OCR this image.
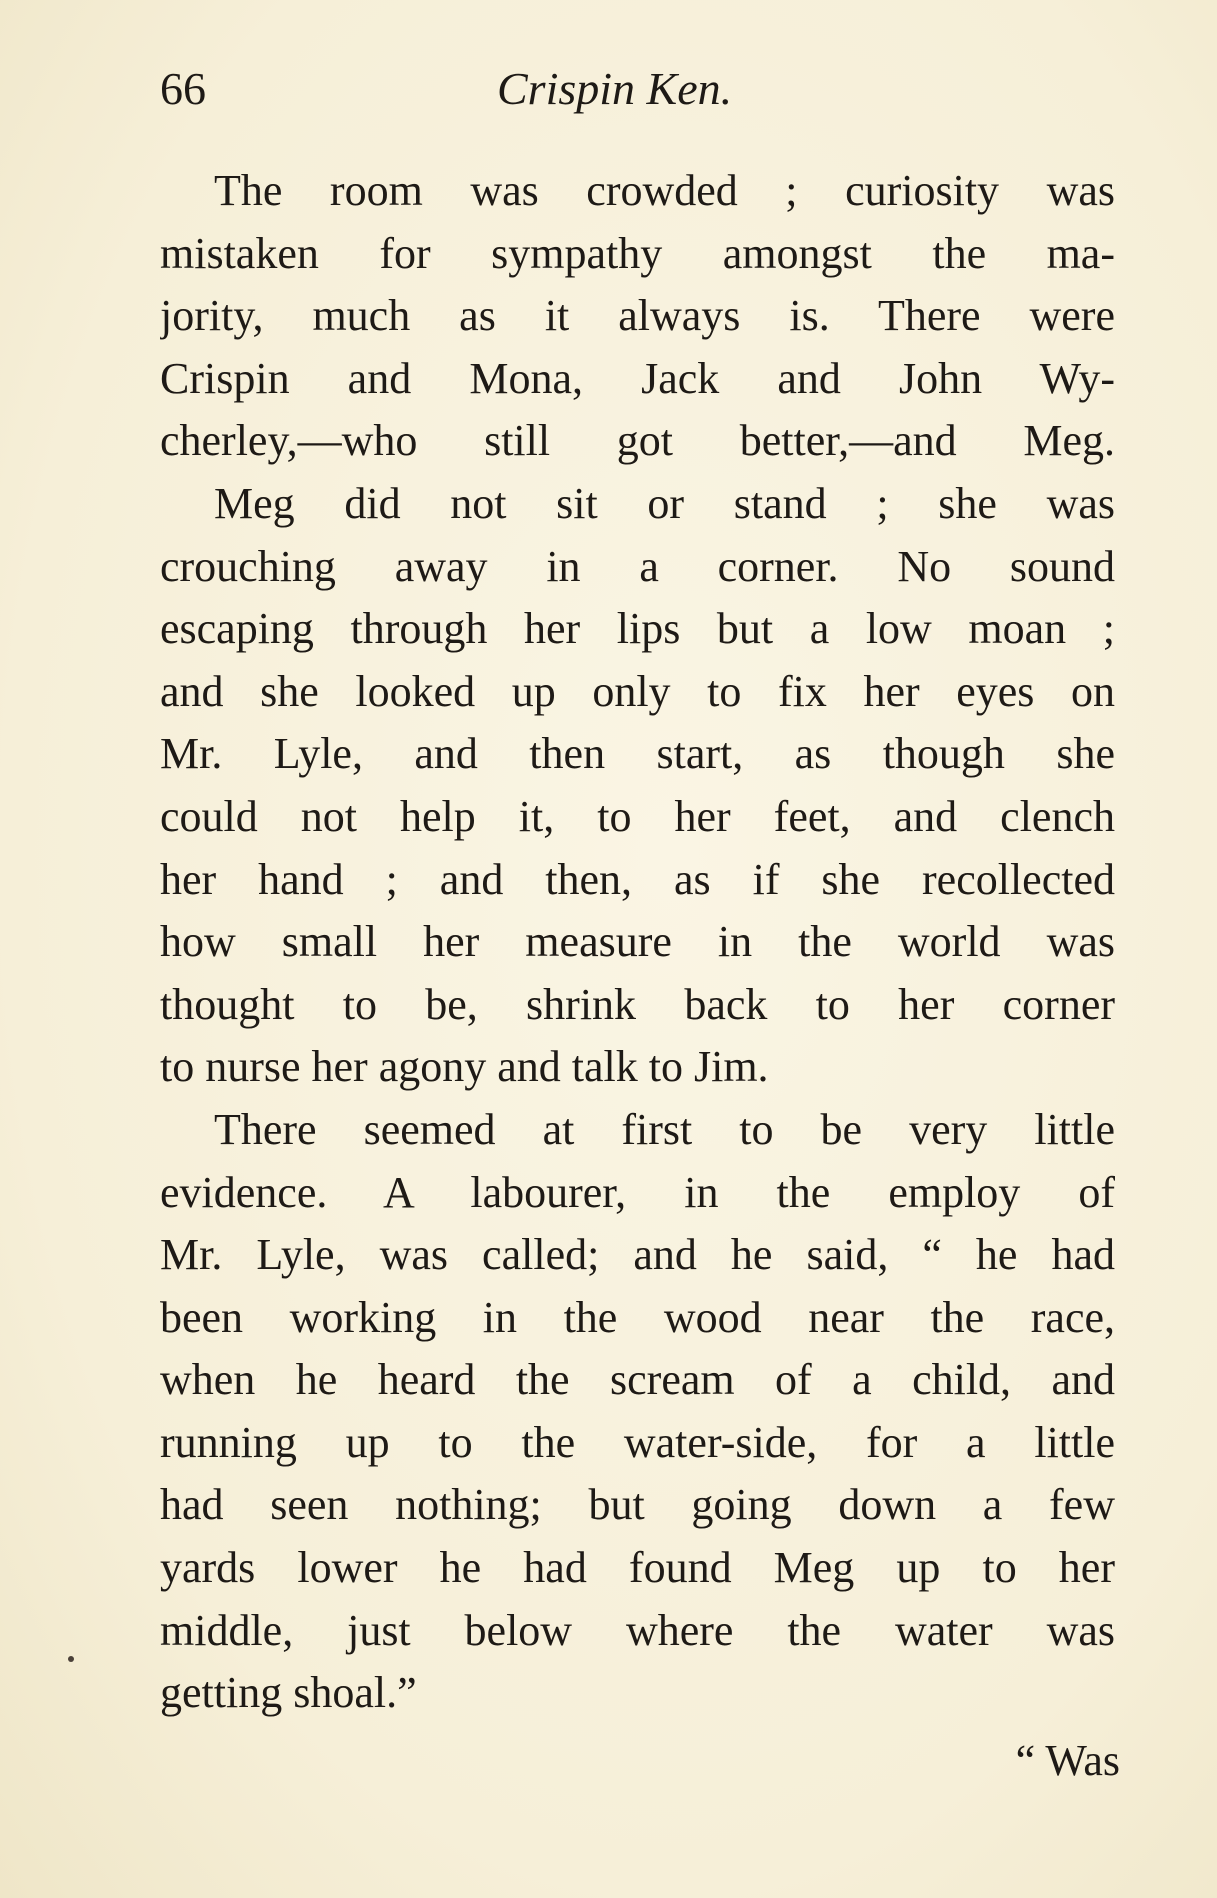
66	Crispin Ken.
The room was crowded ; curiosity was
mistaken for sympathy amongst the ma-
jority, much as it always is. There were
Crispin and Mona, Jack and John Wy-
cherley,—who still got better,—and Meg.
Meg did not sit or stand ; she was
crouching away in a corner. No sound
escaping through her lips but a low moan ;
and she looked up only to fix her eyes on
Mr. Lyle, and then start, as though she
could not help it, to her feet, and clench
her hand ; and then, as if she recollected
how small her measure in the world was
thought to be, shrink back to her corner
to nurse her agony and talk to Jim.
There seemed at first to be very little
evidence. A labourer, in the employ of
Mr. Lyle, was called; and he said, “ he had
been working in the wood near the race,
when he heard the scream of a child, and
running up to the water-side, for a little
had seen nothing; but going down a few
yards lower he had found Meg up to her
middle, just below where the water was
getting shoal.”
“ Was
